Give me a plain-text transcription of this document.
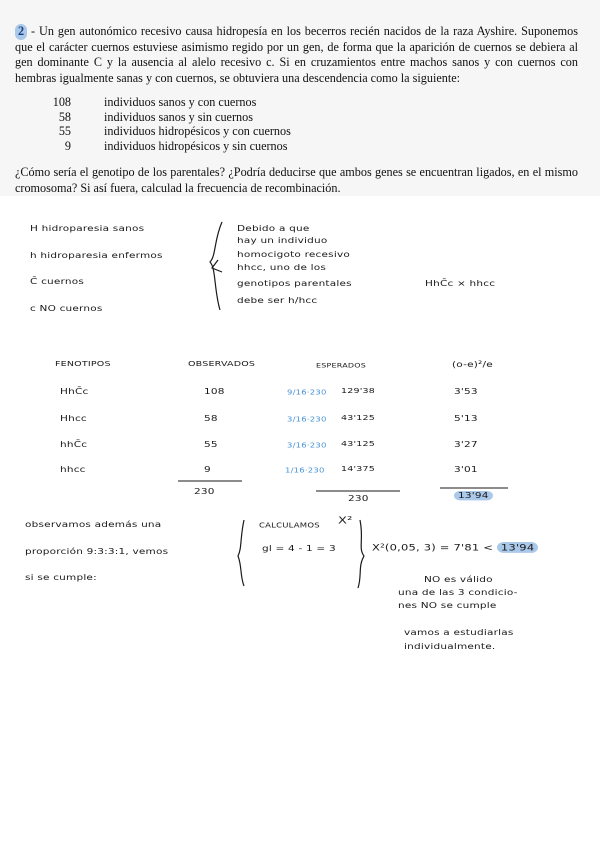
2 - Un gen autonómico recesivo causa hidropesía en los becerros recién nacidos de la raza Ayshire. Suponemos que el carácter cuernos estuviese asimismo regido por un gen, de forma que la aparición de cuernos se debiera al gen dominante C y la ausencia al alelo recesivo c. Si en cruzamientos entre machos sanos y con cuernos con hembras igualmente sanas y con cuernos, se obtuviera una descendencia como la siguiente:
108	individuos sanos y con cuernos
58	individuos sanos y sin cuernos
55	individuos hidropésicos y con cuernos
9	individuos hidropésicos y sin cuernos
¿Cómo sería el genotipo de los parentales? ¿Podría deducirse que ambos genes se encuentran ligados, en el mismo cromosoma? Si así fuera, calculad la frecuencia de recombinación.
H hidroparesia sanos
h hidroparesia enfermos
C̄ cuernos
c NO cuernos
Debido a que
hay un individuo
homocigoto recesivo
hhcc, uno de los
genotipos parentales
debe ser h/hcc
HhC̄c × hhcc
FENOTIPOS	OBSERVADOS	ESPERADOS	(o-e)²/e
HhC̄c	108	9/16·230 129'38	3'53
Hhcc	58	3/16·230 43'125	5'13
hhC̄c	55	3/16·230 43'125	3'27
hhcc	9	1/16·230 14'375	3'01
230
230	13'94
observamos además una
proporción 9:3:3:1, vemos
si se cumple:
CALCULAMOS X²
gl = 4 - 1 = 3	X²(0,05, 3) = 7'81 < 13'94
NO es válido
una de las 3 condicio-
nes NO se cumple
vamos a estudiarlas
individualmente.
